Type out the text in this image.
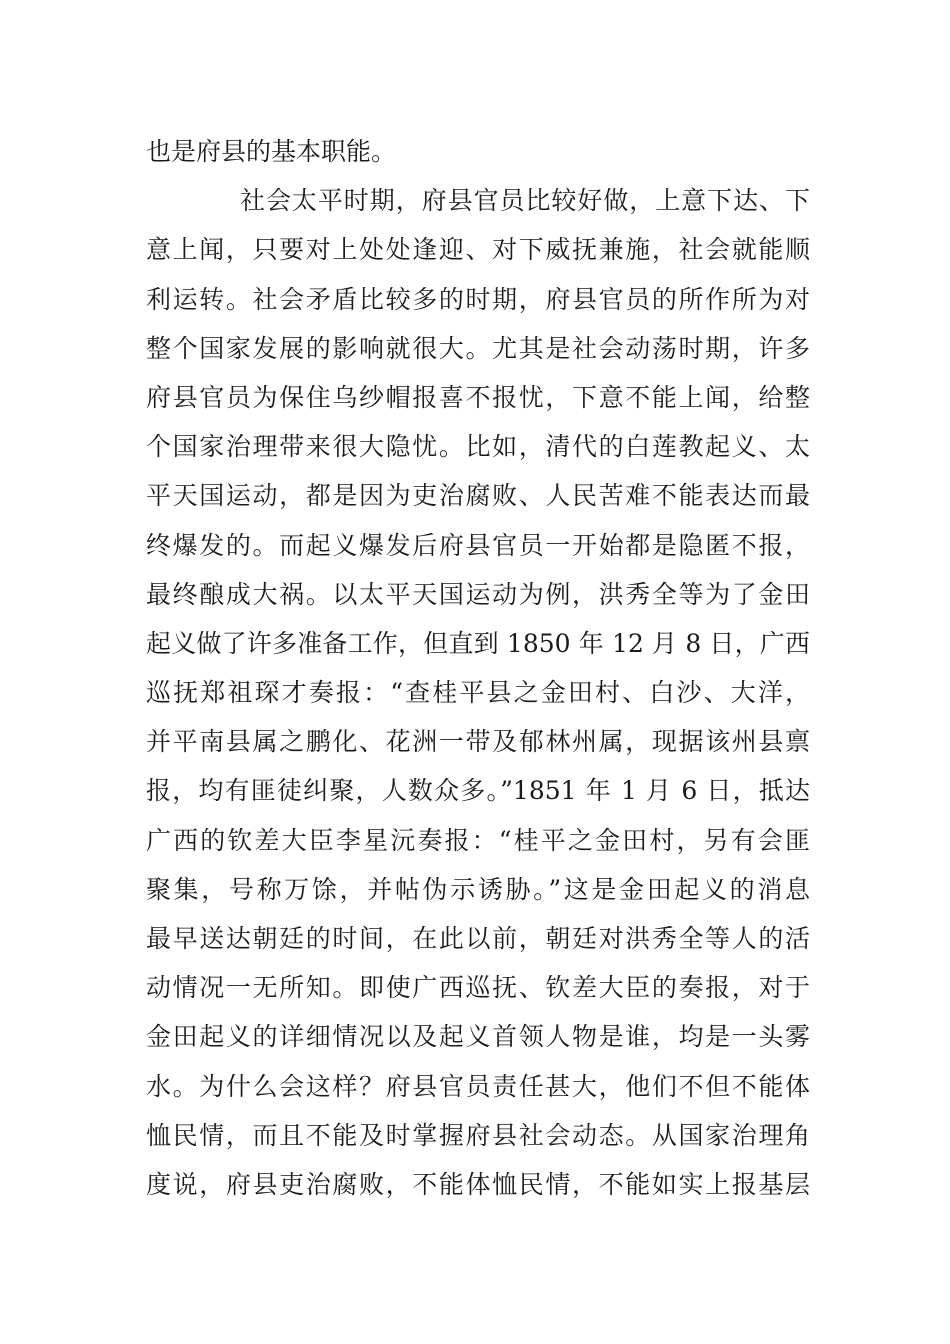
也是府县的基本职能。
社会太平时期，府县官员比较好做，上意下达、下
意上闻，只要对上处处逢迎、对下威抚兼施，社会就能顺
利运转。社会矛盾比较多的时期，府县官员的所作所为对
整个国家发展的影响就很大。尤其是社会动荡时期，许多
府县官员为保住乌纱帽报喜不报忧，下意不能上闻，给整
个国家治理带来很大隐忧。比如，清代的白莲教起义、太
平天国运动，都是因为吏治腐败、人民苦难不能表达而最
终爆发的。而起义爆发后府县官员一开始都是隐匿不报，
最终酿成大祸。以太平天国运动为例，洪秀全等为了金田
起义做了许多准备工作，但直到 1850 年 12 月 8 日，广西
巡抚郑祖琛才奏报：“查桂平县之金田村、白沙、大洋，
并平南县属之鹏化、花洲一带及郁林州属，现据该州县禀
报，均有匪徒纠聚，人数众多。”1851 年 1 月 6 日，抵达
广西的钦差大臣李星沅奏报：“桂平之金田村，另有会匪
聚集，号称万馀，并帖伪示诱胁。”这是金田起义的消息
最早送达朝廷的时间，在此以前，朝廷对洪秀全等人的活
动情况一无所知。即使广西巡抚、钦差大臣的奏报，对于
金田起义的详细情况以及起义首领人物是谁，均是一头雾
水。为什么会这样？府县官员责任甚大，他们不但不能体
恤民情，而且不能及时掌握府县社会动态。从国家治理角
度说，府县吏治腐败，不能体恤民情，不能如实上报基层
